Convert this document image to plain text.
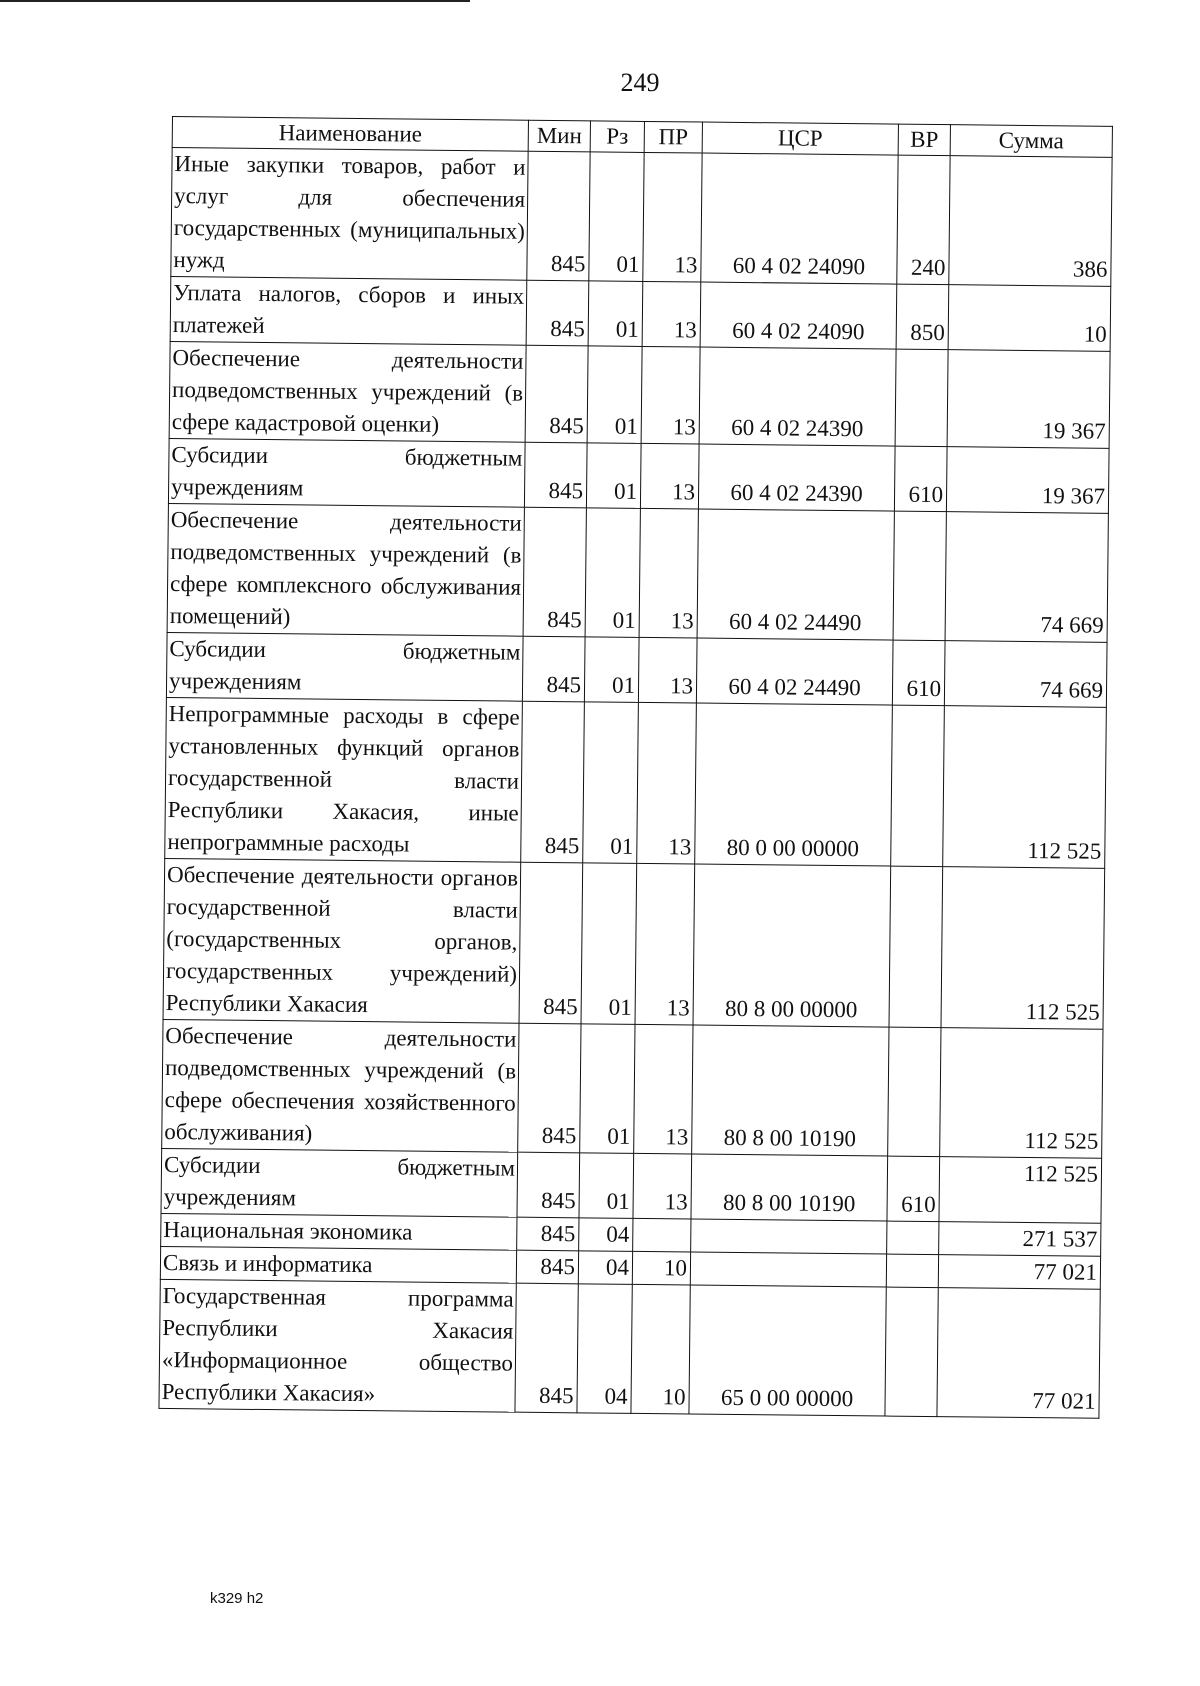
249
Наименование	Мин	Рз	ПР	ЦСР	ВР	Сумма
Иные закупки товаров, работ и услуг для обеспечения государственных (муниципальных) нужд	845	01	13	60 4 02 24090	240	386
Уплата налогов, сборов и иных платежей	845	01	13	60 4 02 24090	850	10
Обеспечение деятельности подведомственных учреждений (в сфере кадастровой оценки)	845	01	13	60 4 02 24390		19 367
Субсидии бюджетным учреждениям	845	01	13	60 4 02 24390	610	19 367
Обеспечение деятельности подведомственных учреждений (в сфере комплексного обслуживания помещений)	845	01	13	60 4 02 24490		74 669
Субсидии бюджетным учреждениям	845	01	13	60 4 02 24490	610	74 669
Непрограммные расходы в сфере установленных функций органов государственной власти Республики Хакасия, иные непрограммные расходы	845	01	13	80 0 00 00000		112 525
Обеспечение деятельности органов государственной власти (государственных органов, государственных учреждений) Республики Хакасия	845	01	13	80 8 00 00000		112 525
Обеспечение деятельности подведомственных учреждений (в сфере обеспечения хозяйственного обслуживания)	845	01	13	80 8 00 10190		112 525
Субсидии бюджетным учреждениям	845	01	13	80 8 00 10190	610	112 525
Национальная экономика	845	04				271 537
Связь и информатика	845	04	10			77 021
Государственная программа Республики Хакасия «Информационное общество Республики Хакасия»	845	04	10	65 0 00 00000		77 021
k329 h2
